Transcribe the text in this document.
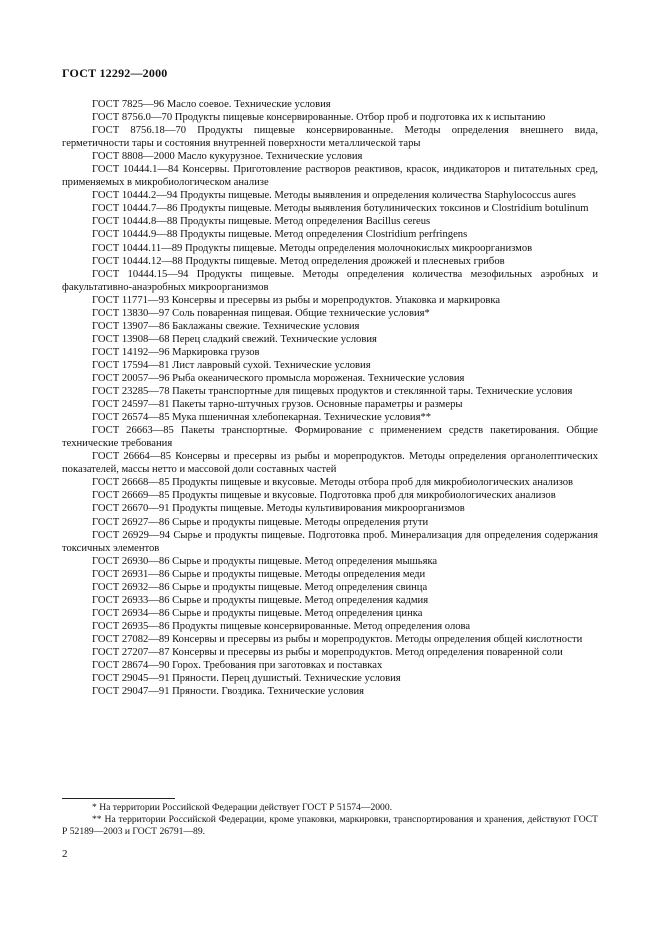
ГОСТ 12292—2000

ГОСТ 7825—96 Масло соевое. Технические условия

ГОСТ 8756.0—70 Продукты пищевые консервированные. Отбор проб и подготовка их к испытанию

ГОСТ 8756.18—70 Продукты пищевые консервированные. Методы определения внешнего вида, герметичности тары и состояния внутренней поверхности металлической тары

ГОСТ 8808—2000 Масло кукурузное. Технические условия

ГОСТ 10444.1—84 Консервы. Приготовление растворов реактивов, красок, индикаторов и питательных сред, применяемых в микробиологическом анализе

ГОСТ 10444.2—94 Продукты пищевые. Методы выявления и определения количества Staphylococcus aures

ГОСТ 10444.7—86 Продукты пищевые. Методы выявления ботулинических токсинов и Clostridium botulinum

ГОСТ 10444.8—88 Продукты пищевые. Метод определения Bacillus cereus

ГОСТ 10444.9—88 Продукты пищевые. Метод определения Clostridium perfringens

ГОСТ 10444.11—89 Продукты пищевые. Методы определения молочнокислых микроорганизмов

ГОСТ 10444.12—88 Продукты пищевые. Метод определения дрожжей и плесневых грибов

ГОСТ 10444.15—94 Продукты пищевые. Методы определения количества мезофильных аэробных и факультативно-анаэробных микроорганизмов

ГОСТ 11771—93 Консервы и пресервы из рыбы и морепродуктов. Упаковка и маркировка

ГОСТ 13830—97 Соль поваренная пищевая. Общие технические условия*

ГОСТ 13907—86 Баклажаны свежие. Технические условия

ГОСТ 13908—68 Перец сладкий свежий. Технические условия

ГОСТ 14192—96 Маркировка грузов

ГОСТ 17594—81 Лист лавровый сухой. Технические условия

ГОСТ 20057—96 Рыба океанического промысла мороженая. Технические условия

ГОСТ 23285—78 Пакеты транспортные для пищевых продуктов и стеклянной тары. Технические условия

ГОСТ 24597—81 Пакеты тарно-штучных грузов. Основные параметры и размеры

ГОСТ 26574—85 Мука пшеничная хлебопекарная. Технические условия**

ГОСТ 26663—85 Пакеты транспортные. Формирование с применением средств пакетирования. Общие технические требования

ГОСТ 26664—85 Консервы и пресервы из рыбы и морепродуктов. Методы определения органолептических показателей, массы нетто и массовой доли составных частей

ГОСТ 26668—85 Продукты пищевые и вкусовые. Методы отбора проб для микробиологических анализов

ГОСТ 26669—85 Продукты пищевые и вкусовые. Подготовка проб для микробиологических анализов

ГОСТ 26670—91 Продукты пищевые. Методы культивирования микроорганизмов

ГОСТ 26927—86 Сырье и продукты пищевые. Методы определения ртути

ГОСТ 26929—94 Сырье и продукты пищевые. Подготовка проб. Минерализация для определения содержания токсичных элементов

ГОСТ 26930—86 Сырье и продукты пищевые. Метод определения мышьяка

ГОСТ 26931—86 Сырье и продукты пищевые. Методы определения меди

ГОСТ 26932—86 Сырье и продукты пищевые. Метод определения свинца

ГОСТ 26933—86 Сырье и продукты пищевые. Метод определения кадмия

ГОСТ 26934—86 Сырье и продукты пищевые. Метод определения цинка

ГОСТ 26935—86 Продукты пищевые консервированные. Метод определения олова

ГОСТ 27082—89 Консервы и пресервы из рыбы и морепродуктов. Методы определения общей кислотности

ГОСТ 27207—87 Консервы и пресервы из рыбы и морепродуктов. Метод определения поваренной соли

ГОСТ 28674—90 Горох. Требования при заготовках и поставках

ГОСТ 29045—91 Пряности. Перец душистый. Технические условия

ГОСТ 29047—91 Пряности. Гвоздика. Технические условия

* На территории Российской Федерации действует ГОСТ Р 51574—2000.

** На территории Российской Федерации, кроме упаковки, маркировки, транспортирования и хранения, действуют ГОСТ Р 52189—2003 и ГОСТ 26791—89.

2
